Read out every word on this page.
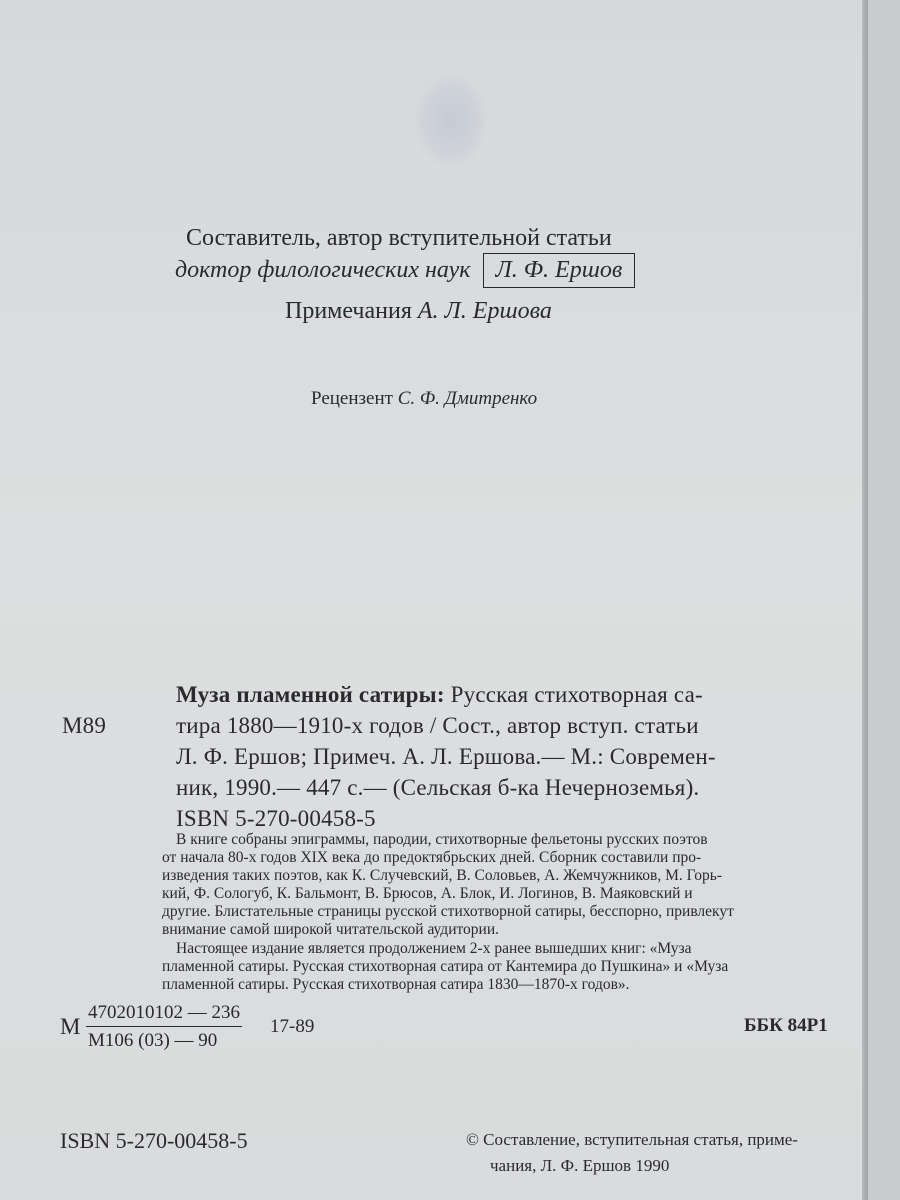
Составитель, автор вступительной статьи
доктор филологических наук Л. Ф. Ершов
Примечания А. Л. Ершова
Рецензент С. Ф. Дмитренко
Муза пламенной сатиры: Русская стихотворная са-
М89	тира 1880—1910-х годов / Сост., автор вступ. статьи
Л. Ф. Ершов; Примеч. А. Л. Ершова.— М.: Современ-
ник, 1990.— 447 с.— (Сельская б-ка Нечерноземья).
ISBN 5-270-00458-5
В книге собраны эпиграммы, пародии, стихотворные фельетоны русских поэтов
от начала 80-х годов XIX века до предоктябрьских дней. Сборник составили про-
изведения таких поэтов, как К. Случевский, В. Соловьев, А. Жемчужников, М. Горь-
кий, Ф. Сологуб, К. Бальмонт, В. Брюсов, А. Блок, И. Логинов, В. Маяковский и
другие. Блистательные страницы русской стихотворной сатиры, бесспорно, привлекут
внимание самой широкой читательской аудитории.
Настоящее издание является продолжением 2-х ранее вышедших книг: «Муза
пламенной сатиры. Русская стихотворная сатира от Кантемира до Пушкина» и «Муза
пламенной сатиры. Русская стихотворная сатира 1830—1870-х годов».
М
4702010102 — 236
М106 (03) — 90
17-89	ББК 84Р1
ISBN 5-270-00458-5	© Составление, вступительная статья, приме-
чания, Л. Ф. Ершов 1990
